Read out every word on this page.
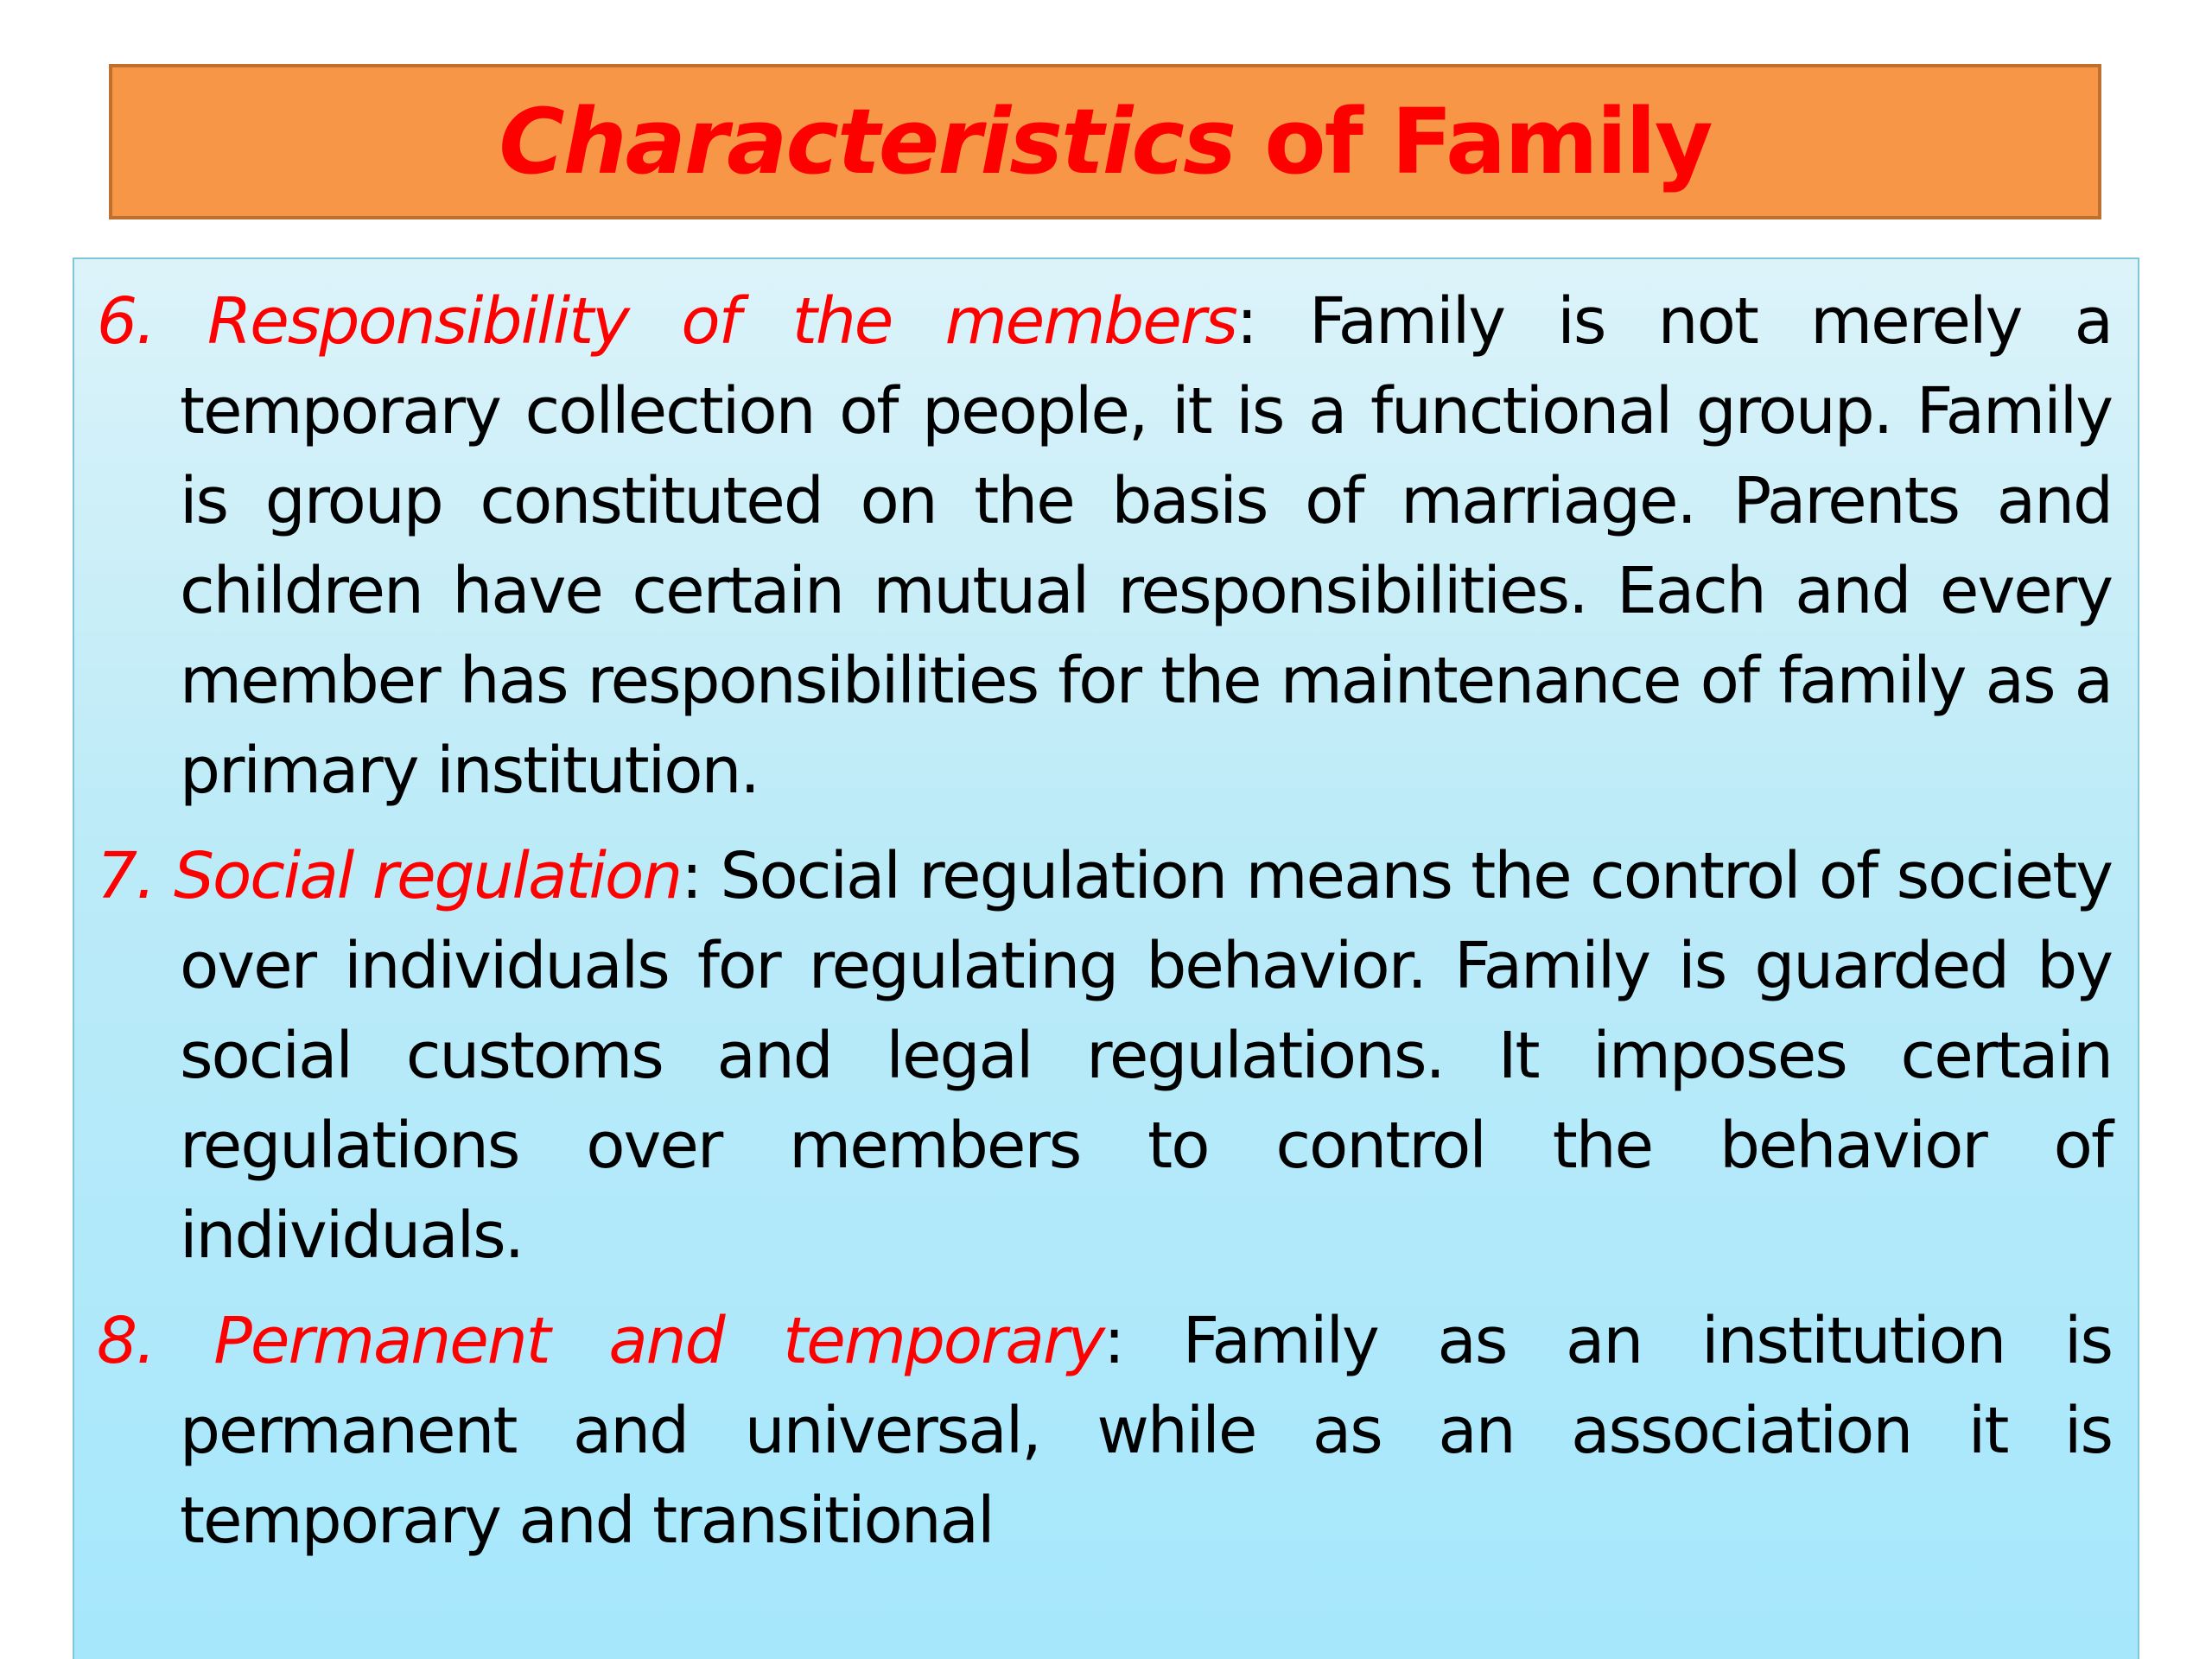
Characteristics of Family

6. Responsibility of the members: Family is not merely a temporary collection of people, it is a functional group. Family is group constituted on the basis of marriage. Parents and children have certain mutual responsibilities. Each and every member has responsibilities for the maintenance of family as a primary institution.

7. Social regulation: Social regulation means the control of society over individuals for regulating behavior. Family is guarded by social customs and legal regulations. It imposes certain regulations over members to control the behavior of individuals.

8. Permanent and temporary: Family as an institution is permanent and universal, while as an association it is temporary and transitional
